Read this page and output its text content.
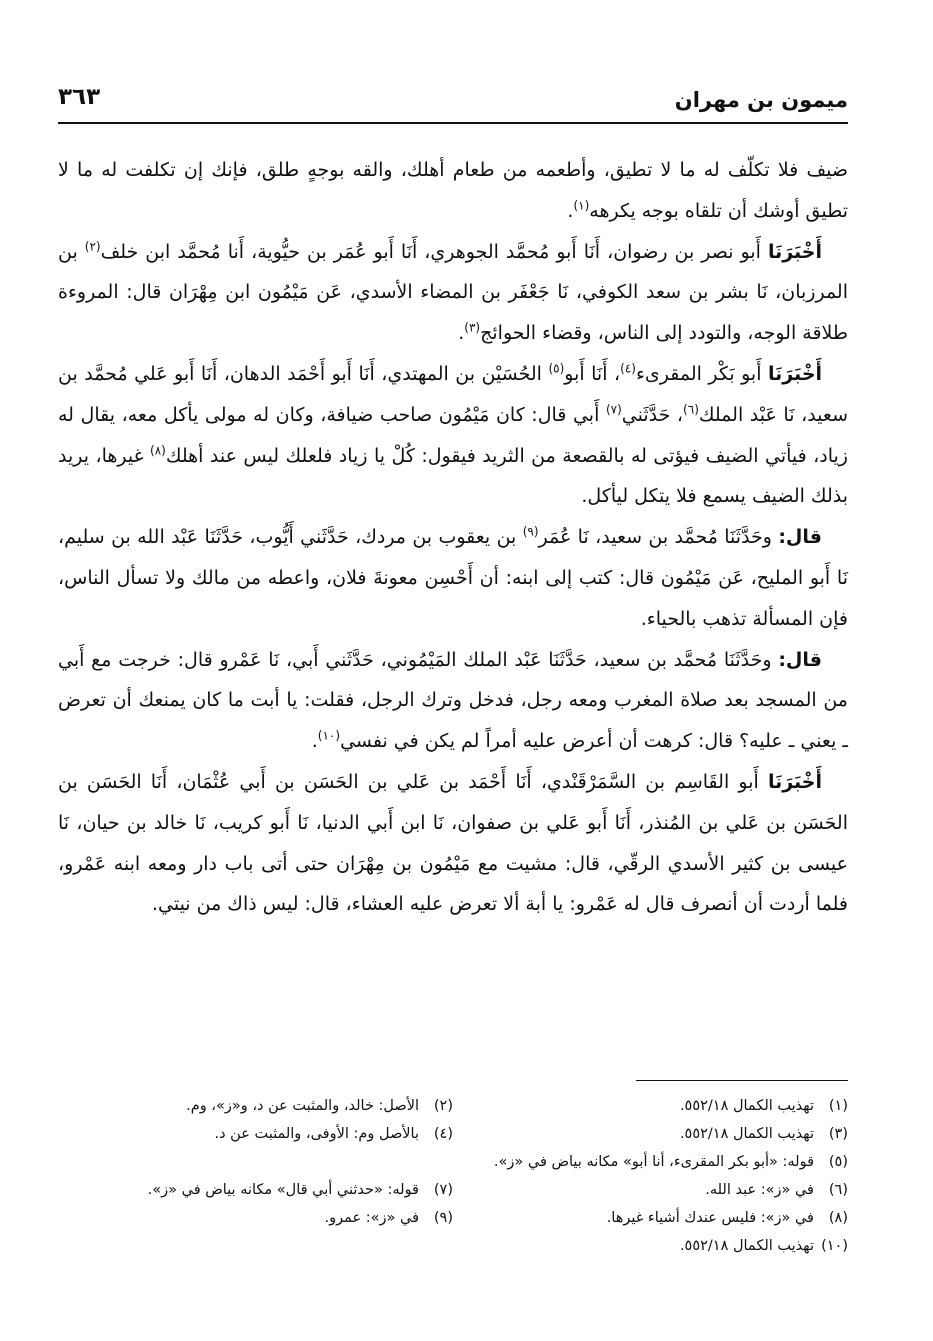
ميمون بن مهران
٣٦٣

ضيف فلا تكلّف له ما لا تطيق، وأطعمه من طعام أهلك، والقه بوجهٍ طلق، فإنك إن تكلفت له ما لا تطيق أوشك أن تلقاه بوجه يكرهه$^{(١)}$.

أَخْبَرَنَا أَبو نصر بن رضوان، أَنَا أَبو مُحمَّد الجوهري، أَنَا أَبو عُمَر بن حيُّوية، أَنا مُحمَّد ابن خلف$^{(٢)}$ بن المرزبان، نَا بشر بن سعد الكوفي، نَا جَعْفَر بن المضاء الأسدي، عَن مَيْمُون ابن مِهْرَان قال: المروءة طلاقة الوجه، والتودد إلى الناس، وقضاء الحوائج$^{(٣)}$.

أَخْبَرَنَا أَبو بَكْر المقرىء$^{(٤)}$، أَنَا أَبو$^{(٥)}$ الحُسَيْن بن المهتدي، أَنَا أَبو أَحْمَد الدهان، أَنَا أَبو عَلي مُحمَّد بن سعيد، نَا عَبْد الملك$^{(٦)}$، حَدَّثَني$^{(٧)}$ أَبي قال: كان مَيْمُون صاحب ضيافة، وكان له مولى يأكل معه، يقال له زياد، فيأتي الضيف فيؤتى له بالقصعة من الثريد فيقول: كُلْ يا زياد فلعلك ليس عند أهلك$^{(٨)}$ غيرها، يريد بذلك الضيف يسمع فلا يتكل ليأكل.

قال: وحَدَّثَنَا مُحمَّد بن سعيد، نَا عُمَر$^{(٩)}$ بن يعقوب بن مردك، حَدَّثَني أَيُّوب، حَدَّثَنَا عَبْد الله بن سليم، نَا أَبو المليح، عَن مَيْمُون قال: كتب إلى ابنه: أن أَحْسِن معونةَ فلان، واعطه من مالك ولا تسأل الناس، فإن المسألة تذهب بالحياء.

قال: وحَدَّثَنَا مُحمَّد بن سعيد، حَدَّثَنَا عَبْد الملك المَيْمُوني، حَدَّثَني أَبي، نَا عَمْرو قال: خرجت مع أَبي من المسجد بعد صلاة المغرب ومعه رجل، فدخل وترك الرجل، فقلت: يا أبت ما كان يمنعك أن تعرض ـ يعني ـ عليه؟ قال: كرهت أن أعرض عليه أمراً لم يكن في نفسي$^{(١٠)}$.

أَخْبَرَنَا أَبو القَاسِم بن السَّمَرْقَنْدي، أَنَا أَحْمَد بن عَلي بن الحَسَن بن أَبي عُثْمَان، أَنَا الحَسَن بن الحَسَن بن عَلي بن المُنذر، أَنَا أَبو عَلي بن صفوان، نَا ابن أَبي الدنيا، نَا أَبو كريب، نَا خالد بن حيان، نَا عيسى بن كثير الأسدي الرقّي، قال: مشيت مع مَيْمُون بن مِهْرَان حتى أتى باب دار ومعه ابنه عَمْرو، فلما أردت أن أنصرف قال له عَمْرو: يا أبة ألا تعرض عليه العشاء، قال: ليس ذاك من نيتي.

(١)تهذيب الكمال ٥٥٢/١٨.
(٢)الأصل: خالد، والمثبت عن د، و«ز»، وم.
(٣)تهذيب الكمال ٥٥٢/١٨.
(٤)بالأصل وم: الأوفى، والمثبت عن د.
(٥)قوله: «أبو بكر المقرىء، أنا أبو» مكانه بياض في «ز».
(٦)في «ز»: عبد الله.
(٧)قوله: «حدثني أبي قال» مكانه بياض في «ز».
(٨)في «ز»: فليس عندك أشياء غيرها.
(٩)في «ز»: عمرو.
(١٠)تهذيب الكمال ٥٥٢/١٨.
